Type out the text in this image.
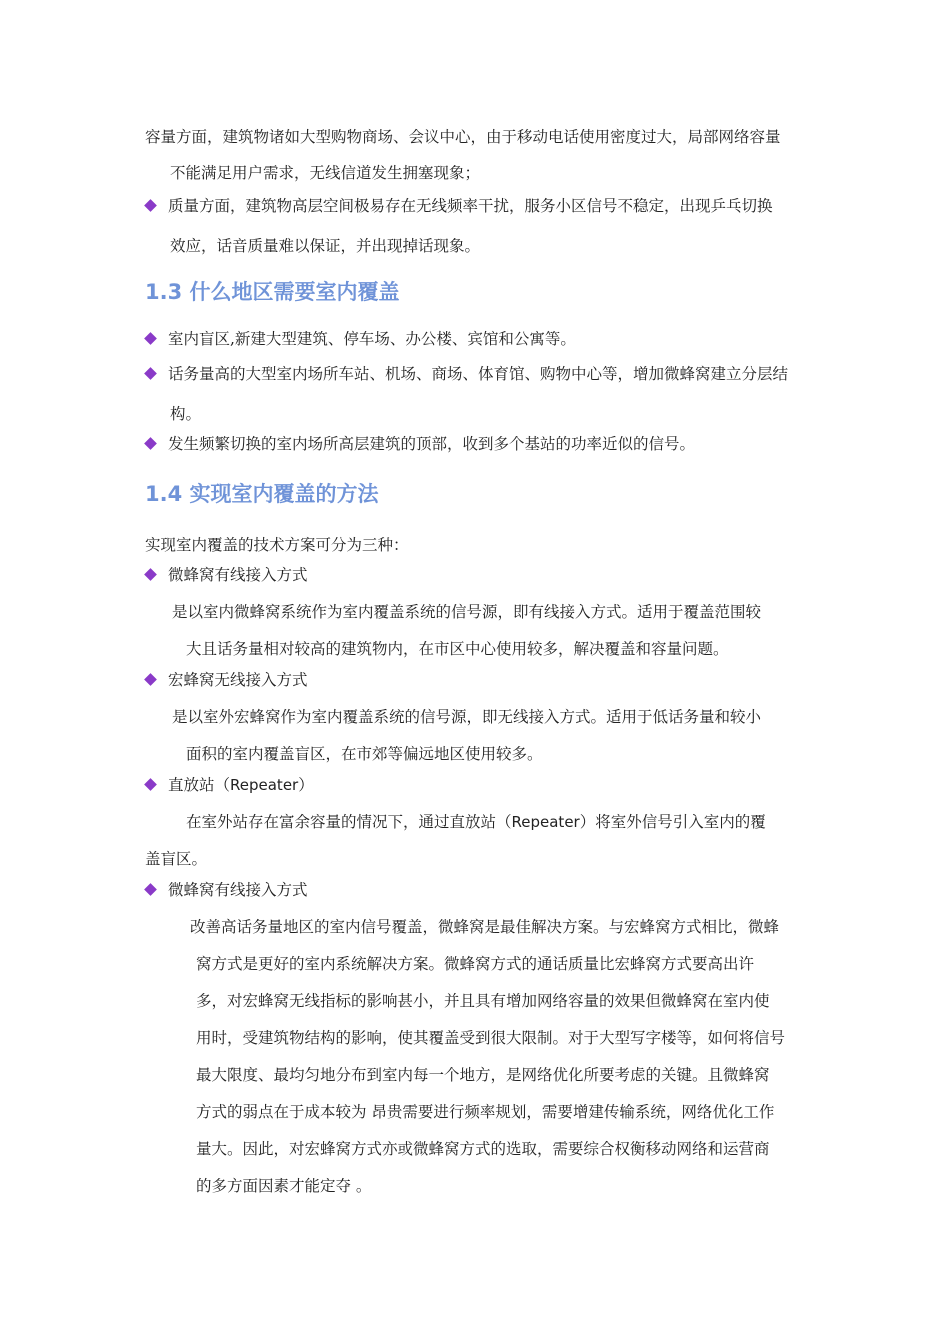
容量方面，建筑物诸如大型购物商场、会议中心，由于移动电话使用密度过大，局部网络容量
不能满足用户需求，无线信道发生拥塞现象；
质量方面，建筑物高层空间极易存在无线频率干扰，服务小区信号不稳定，出现乒乓切换
效应，话音质量难以保证，并出现掉话现象。
1.3 什么地区需要室内覆盖
室内盲区,新建大型建筑、停车场、办公楼、宾馆和公寓等。
话务量高的大型室内场所车站、机场、商场、体育馆、购物中心等，增加微蜂窝建立分层结
构。
发生频繁切换的室内场所高层建筑的顶部，收到多个基站的功率近似的信号。
1.4 实现室内覆盖的方法
实现室内覆盖的技术方案可分为三种：
微蜂窝有线接入方式
是以室内微蜂窝系统作为室内覆盖系统的信号源，即有线接入方式。适用于覆盖范围较
大且话务量相对较高的建筑物内，在市区中心使用较多，解决覆盖和容量问题。
宏蜂窝无线接入方式
是以室外宏蜂窝作为室内覆盖系统的信号源，即无线接入方式。适用于低话务量和较小
面积的室内覆盖盲区，在市郊等偏远地区使用较多。
直放站（Repeater）
在室外站存在富余容量的情况下，通过直放站（Repeater）将室外信号引入室内的覆
盖盲区。
微蜂窝有线接入方式
改善高话务量地区的室内信号覆盖，微蜂窝是最佳解决方案。与宏蜂窝方式相比，微蜂
窝方式是更好的室内系统解决方案。微蜂窝方式的通话质量比宏蜂窝方式要高出许
多，对宏蜂窝无线指标的影响甚小，并且具有增加网络容量的效果但微蜂窝在室内使
用时，受建筑物结构的影响，使其覆盖受到很大限制。对于大型写字楼等，如何将信号
最大限度、最均匀地分布到室内每一个地方，是网络优化所要考虑的关键。且微蜂窝
方式的弱点在于成本较为 昂贵需要进行频率规划，需要增建传输系统，网络优化工作
量大。因此，对宏蜂窝方式亦或微蜂窝方式的选取，需要综合权衡移动网络和运营商
的多方面因素才能定夺 。
